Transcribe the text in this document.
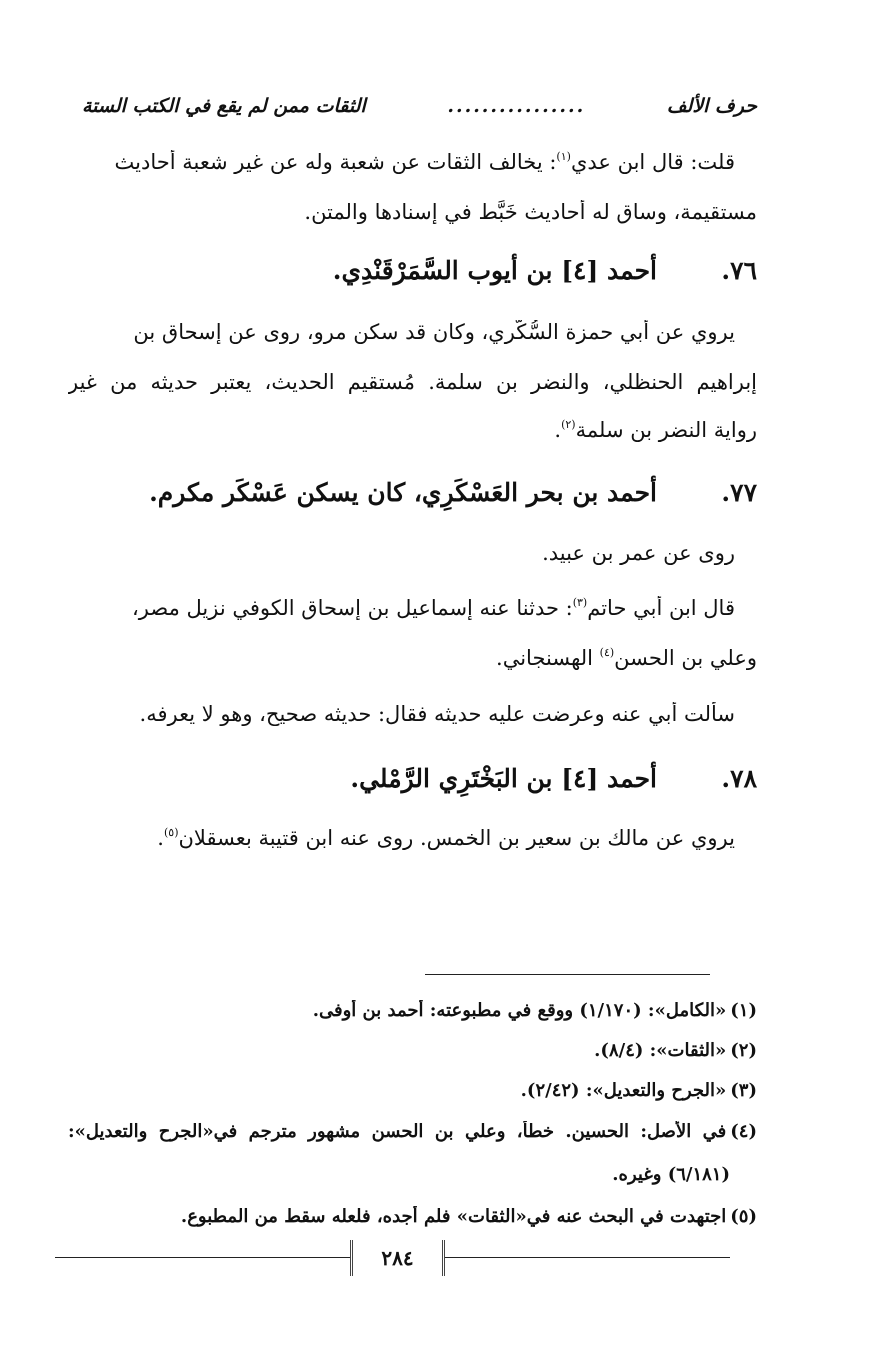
حرف الألف
................
الثقات ممن لم يقع في الكتب الستة
قلت: قال ابن عدي$^{(١)}$: يخالف الثقات عن شعبة وله عن غير شعبة أحاديث
مستقيمة، وساق له أحاديث خَبَّط في إسنادها والمتن.
٧٦.أحمد [٤] بن أيوب السَّمَرْقَنْدِي.
يروي عن أبي حمزة السُّكَّري، وكان قد سكن مرو، روى عن إسحاق بن
إبراهيم الحنظلي، والنضر بن سلمة. مُستقيم الحديث، يعتبر حديثه من غير
رواية النضر بن سلمة$^{(٢)}$.
٧٧.أحمد بن بحر العَسْكَرِي، كان يسكن عَسْكَر مكرم.
روى عن عمر بن عبيد.
قال ابن أبي حاتم$^{(٣)}$: حدثنا عنه إسماعيل بن إسحاق الكوفي نزيل مصر،
وعلي بن الحسن$^{(٤)}$ الهسنجاني.
سألت أبي عنه وعرضت عليه حديثه فقال: حديثه صحيح، وهو لا يعرفه.
٧٨.أحمد [٤] بن البَخْتَرِي الرَّمْلي.
يروي عن مالك بن سعير بن الخمس. روى عنه ابن قتيبة بعسقلان$^{(٥)}$.
(١)«الكامل»: (١/١٧٠) ووقع في مطبوعته: أحمد بن أوفى.
(٢)«الثقات»: (٨/٤).
(٣)«الجرح والتعديل»: (٢/٤٢).
(٤)في الأصل: الحسين. خطأ، وعلي بن الحسن مشهور مترجم في«الجرح والتعديل»:
(٦/١٨١) وغيره.
(٥)اجتهدت في البحث عنه في«الثقات» فلم أجده، فلعله سقط من المطبوع.
٢٨٤
